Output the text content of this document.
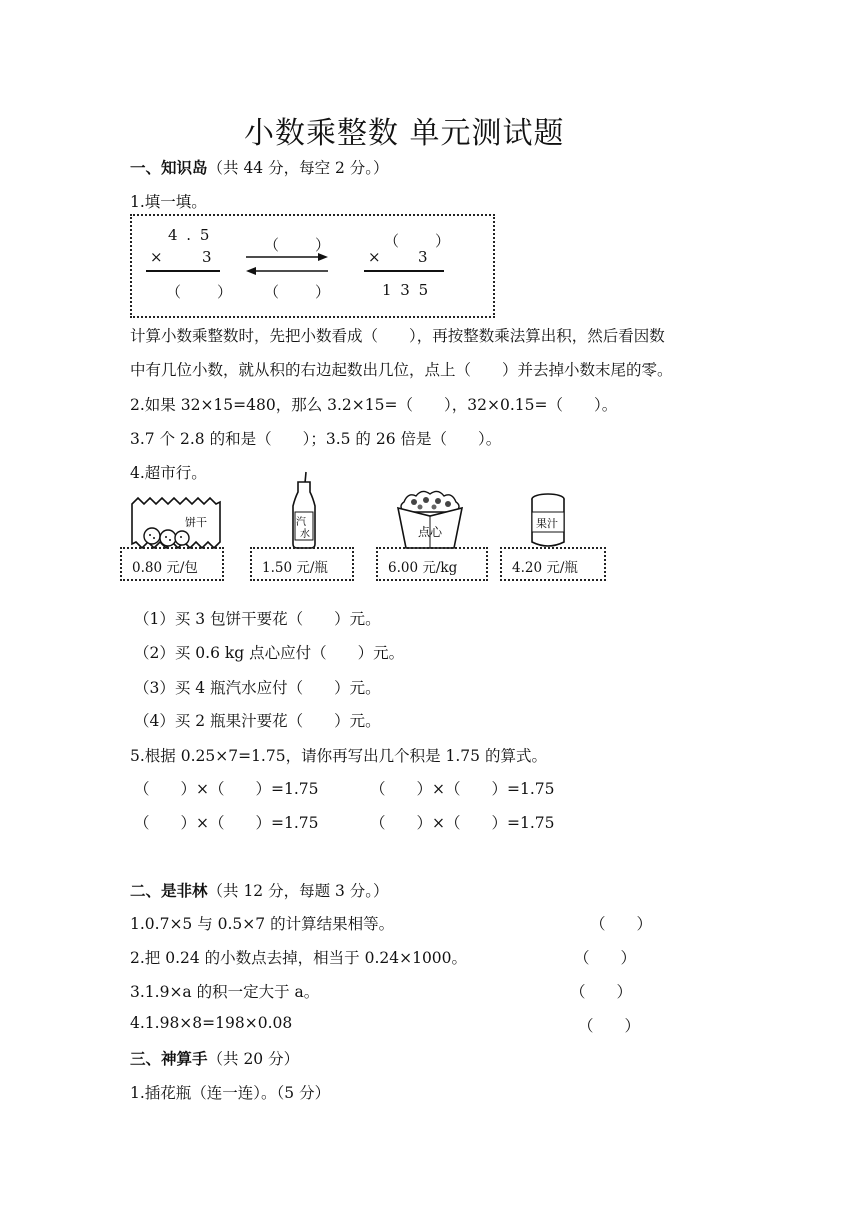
小数乘整数 单元测试题
一、知识岛（共 44 分，每空 2 分。）
1.填一填。
4 . 5
× 3
（　　）
（　　）
（　　）
（　　）
× 3
1 3 5
计算小数乘整数时，先把小数看成（　　），再按整数乘法算出积，然后看因数
中有几位小数，就从积的右边起数出几位，点上（　　）并去掉小数末尾的零。
2.如果 32×15=480，那么 3.2×15=（　　），32×0.15=（　　）。
3.7 个 2.8 的和是（　　）；3.5 的 26 倍是（　　）。
4.超市行。
饼干	汽
水	点心
果汁
0.80 元/包	1.50 元/瓶	6.00 元/kg	4.20 元/瓶
（1）买 3 包饼干要花（　　）元。
（2）买 0.6 kg 点心应付（　　）元。
（3）买 4 瓶汽水应付（　　）元。
（4）买 2 瓶果汁要花（　　）元。
5.根据 0.25×7=1.75，请你再写出几个积是 1.75 的算式。
（　　）×（　　）=1.75	（　　）×（　　）=1.75
（　　）×（　　）=1.75	（　　）×（　　）=1.75
二、是非林（共 12 分，每题 3 分。）
1.0.7×5 与 0.5×7 的计算结果相等。	（　　）
2.把 0.24 的小数点去掉，相当于 0.24×1000。	（　　）
3.1.9×a 的积一定大于 a。	（　　）
4.1.98×8=198×0.08	（　　）
三、神算手（共 20 分）
1.插花瓶（连一连）。（5 分）
